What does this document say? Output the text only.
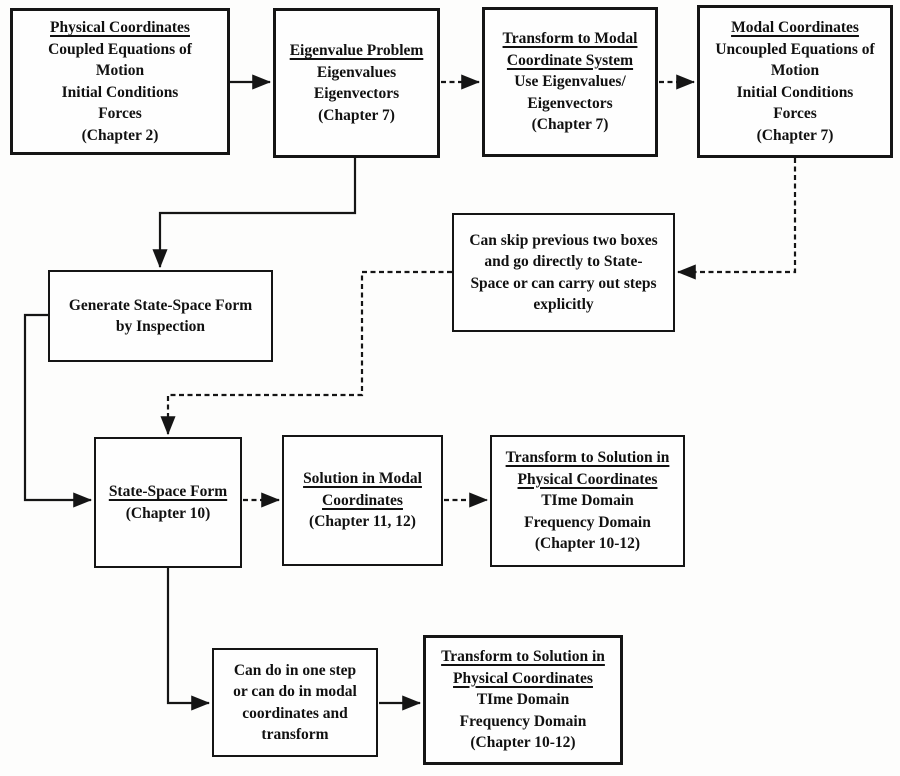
Physical Coordinates
Coupled Equations of
Motion
Initial Conditions
Forces
(Chapter 2)
Eigenvalue Problem
Eigenvalues
Eigenvectors
(Chapter 7)
Transform to Modal
Coordinate System
Use Eigenvalues/
Eigenvectors
(Chapter 7)
Modal Coordinates
Uncoupled Equations of
Motion
Initial Conditions
Forces
(Chapter 7)
Can skip previous two boxes
and go directly to State-
Space or can carry out steps
explicitly
Generate State-Space Form
by Inspection
State-Space Form
(Chapter 10)
Solution in Modal
Coordinates
(Chapter 11, 12)
Transform to Solution in
Physical Coordinates
TIme Domain
Frequency Domain
(Chapter 10-12)
Can do in one step
or can do in modal
coordinates and
transform
Transform to Solution in
Physical Coordinates
TIme Domain
Frequency Domain
(Chapter 10-12)
